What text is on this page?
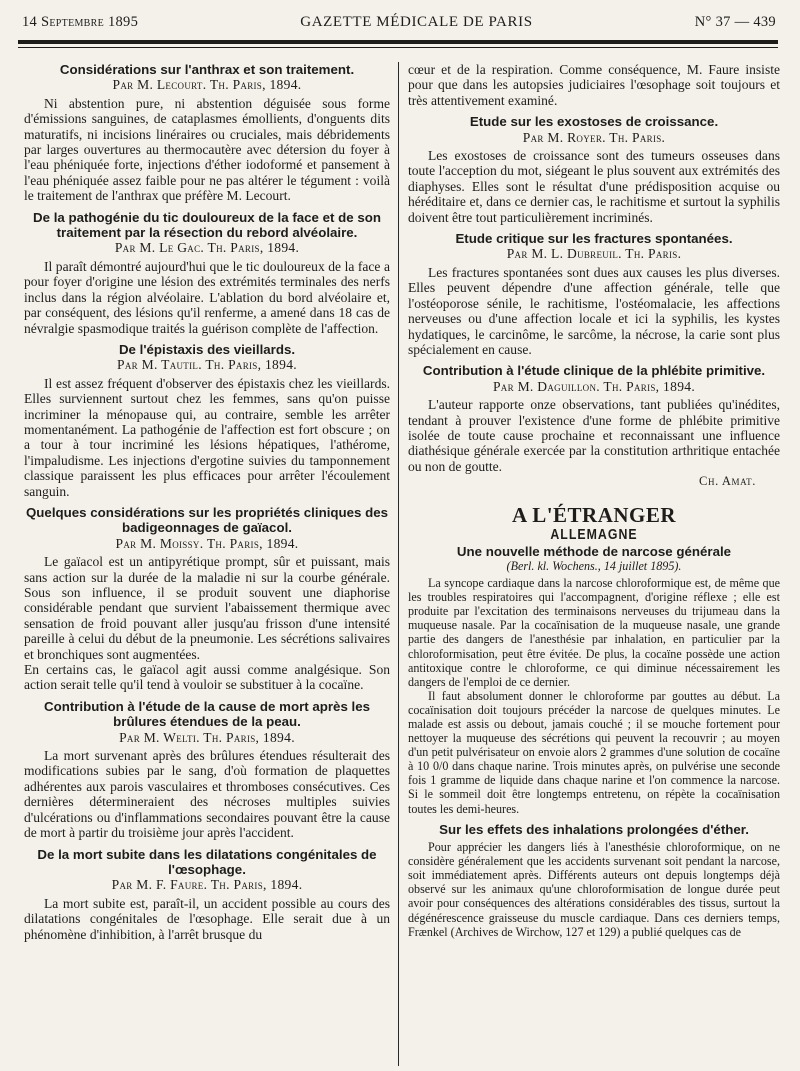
14 Septembre 1895	GAZETTE MÉDICALE DE PARIS	N° 37 — 439
Considérations sur l'anthrax et son traitement.

Par M. Lecourt. Th. Paris, 1894.

Ni abstention pure, ni abstention déguisée sous forme d'émissions sanguines, de cataplasmes émollients, d'onguents dits maturatifs, ni incisions linéraires ou cruciales, mais débridements par larges ouvertures au thermocautère avec détersion du foyer à l'eau phéniquée forte, injections d'éther iodoformé et pansement à l'eau phéniquée assez faible pour ne pas altérer le tégument : voilà le traitement de l'anthrax que préfère M. Lecourt.

De la pathogénie du tic douloureux de la face et de son traitement par la résection du rebord alvéolaire.

Par M. Le Gac. Th. Paris, 1894.

Il paraît démontré aujourd'hui que le tic douloureux de la face a pour foyer d'origine une lésion des extrémités terminales des nerfs inclus dans la région alvéolaire. L'ablation du bord alvéolaire et, par conséquent, des lésions qu'il renferme, a amené dans 18 cas de névralgie spasmodique traités la guérison complète de l'affection.

De l'épistaxis des vieillards.

Par M. Tautil. Th. Paris, 1894.

Il est assez fréquent d'observer des épistaxis chez les vieillards. Elles surviennent surtout chez les femmes, sans qu'on puisse incriminer la ménopause qui, au contraire, semble les arrêter momentanément. La pathogénie de l'affection est fort obscure ; on a tour à tour incriminé les lésions hépatiques, l'athérome, l'impaludisme. Les injections d'ergotine suivies du tamponnement classique paraissent les plus efficaces pour arrêter l'écoulement sanguin.

Quelques considérations sur les propriétés cliniques des badigeonnages de gaïacol.

Par M. Moissy. Th. Paris, 1894.

Le gaïacol est un antipyrétique prompt, sûr et puissant, mais sans action sur la durée de la maladie ni sur la courbe générale. Sous son influence, il se produit souvent une diaphorise considérable pendant que survient l'abaissement thermique avec sensation de froid pouvant aller jusqu'au frisson d'une intensité pareille à celui du début de la pneumonie. Les sécrétions salivaires et bronchiques sont augmentées.

En certains cas, le gaïacol agit aussi comme analgésique. Son action serait telle qu'il tend à vouloir se substituer à la cocaïne.

Contribution à l'étude de la cause de mort après les brûlures étendues de la peau.

Par M. Welti. Th. Paris, 1894.

La mort survenant après des brûlures étendues résulterait des modifications subies par le sang, d'où formation de plaquettes adhérentes aux parois vasculaires et thromboses consécutives. Ces dernières détermineraient des nécroses multiples suivies d'ulcérations ou d'inflammations secondaires pouvant être la cause de mort à partir du troisième jour après l'accident.

De la mort subite dans les dilatations congénitales de l'œsophage.

Par M. F. Faure. Th. Paris, 1894.

La mort subite est, paraît-il, un accident possible au cours des dilatations congénitales de l'œsophage. Elle serait due à un phénomène d'inhibition, à l'arrêt brusque du

cœur et de la respiration. Comme conséquence, M. Faure insiste pour que dans les autopsies judiciaires l'œsophage soit toujours et très attentivement examiné.

Etude sur les exostoses de croissance.

Par M. Royer. Th. Paris.

Les exostoses de croissance sont des tumeurs osseuses dans toute l'acception du mot, siégeant le plus souvent aux extrémités des diaphyses. Elles sont le résultat d'une prédisposition acquise ou héréditaire et, dans ce dernier cas, le rachitisme et surtout la syphilis doivent être tout particulièrement incriminés.

Etude critique sur les fractures spontanées.

Par M. L. Dubreuil. Th. Paris.

Les fractures spontanées sont dues aux causes les plus diverses. Elles peuvent dépendre d'une affection générale, telle que l'ostéoporose sénile, le rachitisme, l'ostéomalacie, les affections nerveuses ou d'une affection locale et ici la syphilis, les kystes hydatiques, le carcinôme, le sarcôme, la nécrose, la carie sont plus spécialement en cause.

Contribution à l'étude clinique de la phlébite primitive.

Par M. Daguillon. Th. Paris, 1894.

L'auteur rapporte onze observations, tant publiées qu'inédites, tendant à prouver l'existence d'une forme de phlébite primitive isolée de toute cause prochaine et reconnaissant une influence diathésique générale exercée par la constitution arthritique entachée ou non de goutte.

Ch. Amat.

A L'ÉTRANGER
ALLEMAGNE
Une nouvelle méthode de narcose générale

(Berl. kl. Wochens., 14 juillet 1895).

La syncope cardiaque dans la narcose chloroformique est, de même que les troubles respiratoires qui l'accompagnent, d'origine réflexe ; elle est produite par l'excitation des terminaisons nerveuses du trijumeau dans la muqueuse nasale. Par la cocaïnisation de la muqueuse nasale, une grande partie des dangers de l'anesthésie par inhalation, en particulier par la chloroformisation, peut être évitée. De plus, la cocaïne possède une action antitoxique contre le chloroforme, ce qui diminue nécessairement les dangers de l'emploi de ce dernier.

Il faut absolument donner le chloroforme par gouttes au début. La cocaïnisation doit toujours précéder la narcose de quelques minutes. Le malade est assis ou debout, jamais couché ; il se mouche fortement pour nettoyer la muqueuse des sécrétions qui peuvent la recouvrir ; au moyen d'un petit pulvérisateur on envoie alors 2 grammes d'une solution de cocaïne à 10 0/0 dans chaque narine. Trois minutes après, on pulvérise une seconde fois 1 gramme de liquide dans chaque narine et l'on commence la narcose. Si le sommeil doit être longtemps entretenu, on répète la cocaïnisation toutes les demi-heures.

Sur les effets des inhalations prolongées d'éther.

Pour apprécier les dangers liés à l'anesthésie chloroformique, on ne considère généralement que les accidents survenant soit pendant la narcose, soit immédiatement après. Différents auteurs ont depuis longtemps déjà observé sur les animaux qu'une chloroformisation de longue durée peut avoir pour conséquences des altérations considérables des tissus, surtout la dégénérescence graisseuse du muscle cardiaque. Dans ces derniers temps, Frænkel (Archives de Wirchow, 127 et 129) a publié quelques cas de
